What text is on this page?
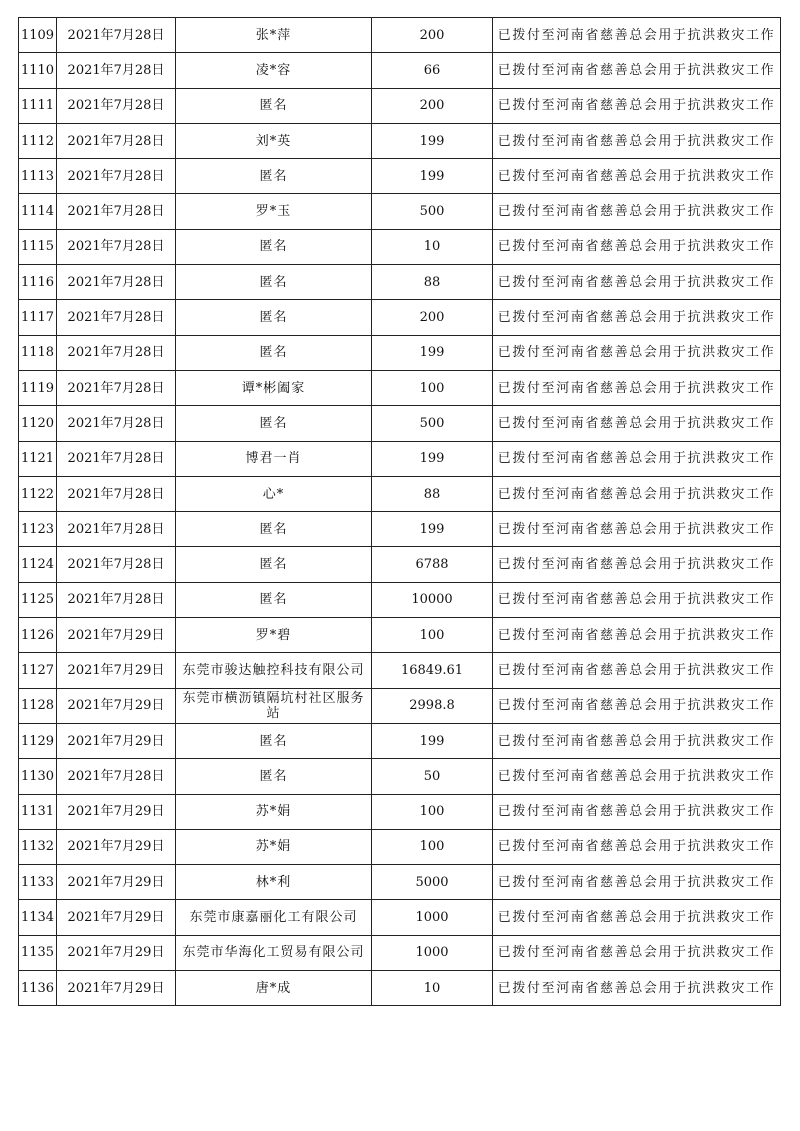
1109	2021年7月28日	张*萍	200	已拨付至河南省慈善总会用于抗洪救灾工作
1110	2021年7月28日	凌*容	66	已拨付至河南省慈善总会用于抗洪救灾工作
1111	2021年7月28日	匿名	200	已拨付至河南省慈善总会用于抗洪救灾工作
1112	2021年7月28日	刘*英	199	已拨付至河南省慈善总会用于抗洪救灾工作
1113	2021年7月28日	匿名	199	已拨付至河南省慈善总会用于抗洪救灾工作
1114	2021年7月28日	罗*玉	500	已拨付至河南省慈善总会用于抗洪救灾工作
1115	2021年7月28日	匿名	10	已拨付至河南省慈善总会用于抗洪救灾工作
1116	2021年7月28日	匿名	88	已拨付至河南省慈善总会用于抗洪救灾工作
1117	2021年7月28日	匿名	200	已拨付至河南省慈善总会用于抗洪救灾工作
1118	2021年7月28日	匿名	199	已拨付至河南省慈善总会用于抗洪救灾工作
1119	2021年7月28日	谭*彬阖家	100	已拨付至河南省慈善总会用于抗洪救灾工作
1120	2021年7月28日	匿名	500	已拨付至河南省慈善总会用于抗洪救灾工作
1121	2021年7月28日	博君一肖	199	已拨付至河南省慈善总会用于抗洪救灾工作
1122	2021年7月28日	心*	88	已拨付至河南省慈善总会用于抗洪救灾工作
1123	2021年7月28日	匿名	199	已拨付至河南省慈善总会用于抗洪救灾工作
1124	2021年7月28日	匿名	6788	已拨付至河南省慈善总会用于抗洪救灾工作
1125	2021年7月28日	匿名	10000	已拨付至河南省慈善总会用于抗洪救灾工作
1126	2021年7月29日	罗*碧	100	已拨付至河南省慈善总会用于抗洪救灾工作
1127	2021年7月29日	东莞市骏达触控科技有限公司	16849.61	已拨付至河南省慈善总会用于抗洪救灾工作
1128	2021年7月29日	东莞市横沥镇隔坑村社区服务站	2998.8	已拨付至河南省慈善总会用于抗洪救灾工作
1129	2021年7月29日	匿名	199	已拨付至河南省慈善总会用于抗洪救灾工作
1130	2021年7月28日	匿名	50	已拨付至河南省慈善总会用于抗洪救灾工作
1131	2021年7月29日	苏*娟	100	已拨付至河南省慈善总会用于抗洪救灾工作
1132	2021年7月29日	苏*娟	100	已拨付至河南省慈善总会用于抗洪救灾工作
1133	2021年7月29日	林*利	5000	已拨付至河南省慈善总会用于抗洪救灾工作
1134	2021年7月29日	东莞市康嘉丽化工有限公司	1000	已拨付至河南省慈善总会用于抗洪救灾工作
1135	2021年7月29日	东莞市华海化工贸易有限公司	1000	已拨付至河南省慈善总会用于抗洪救灾工作
1136	2021年7月29日	唐*成	10	已拨付至河南省慈善总会用于抗洪救灾工作
